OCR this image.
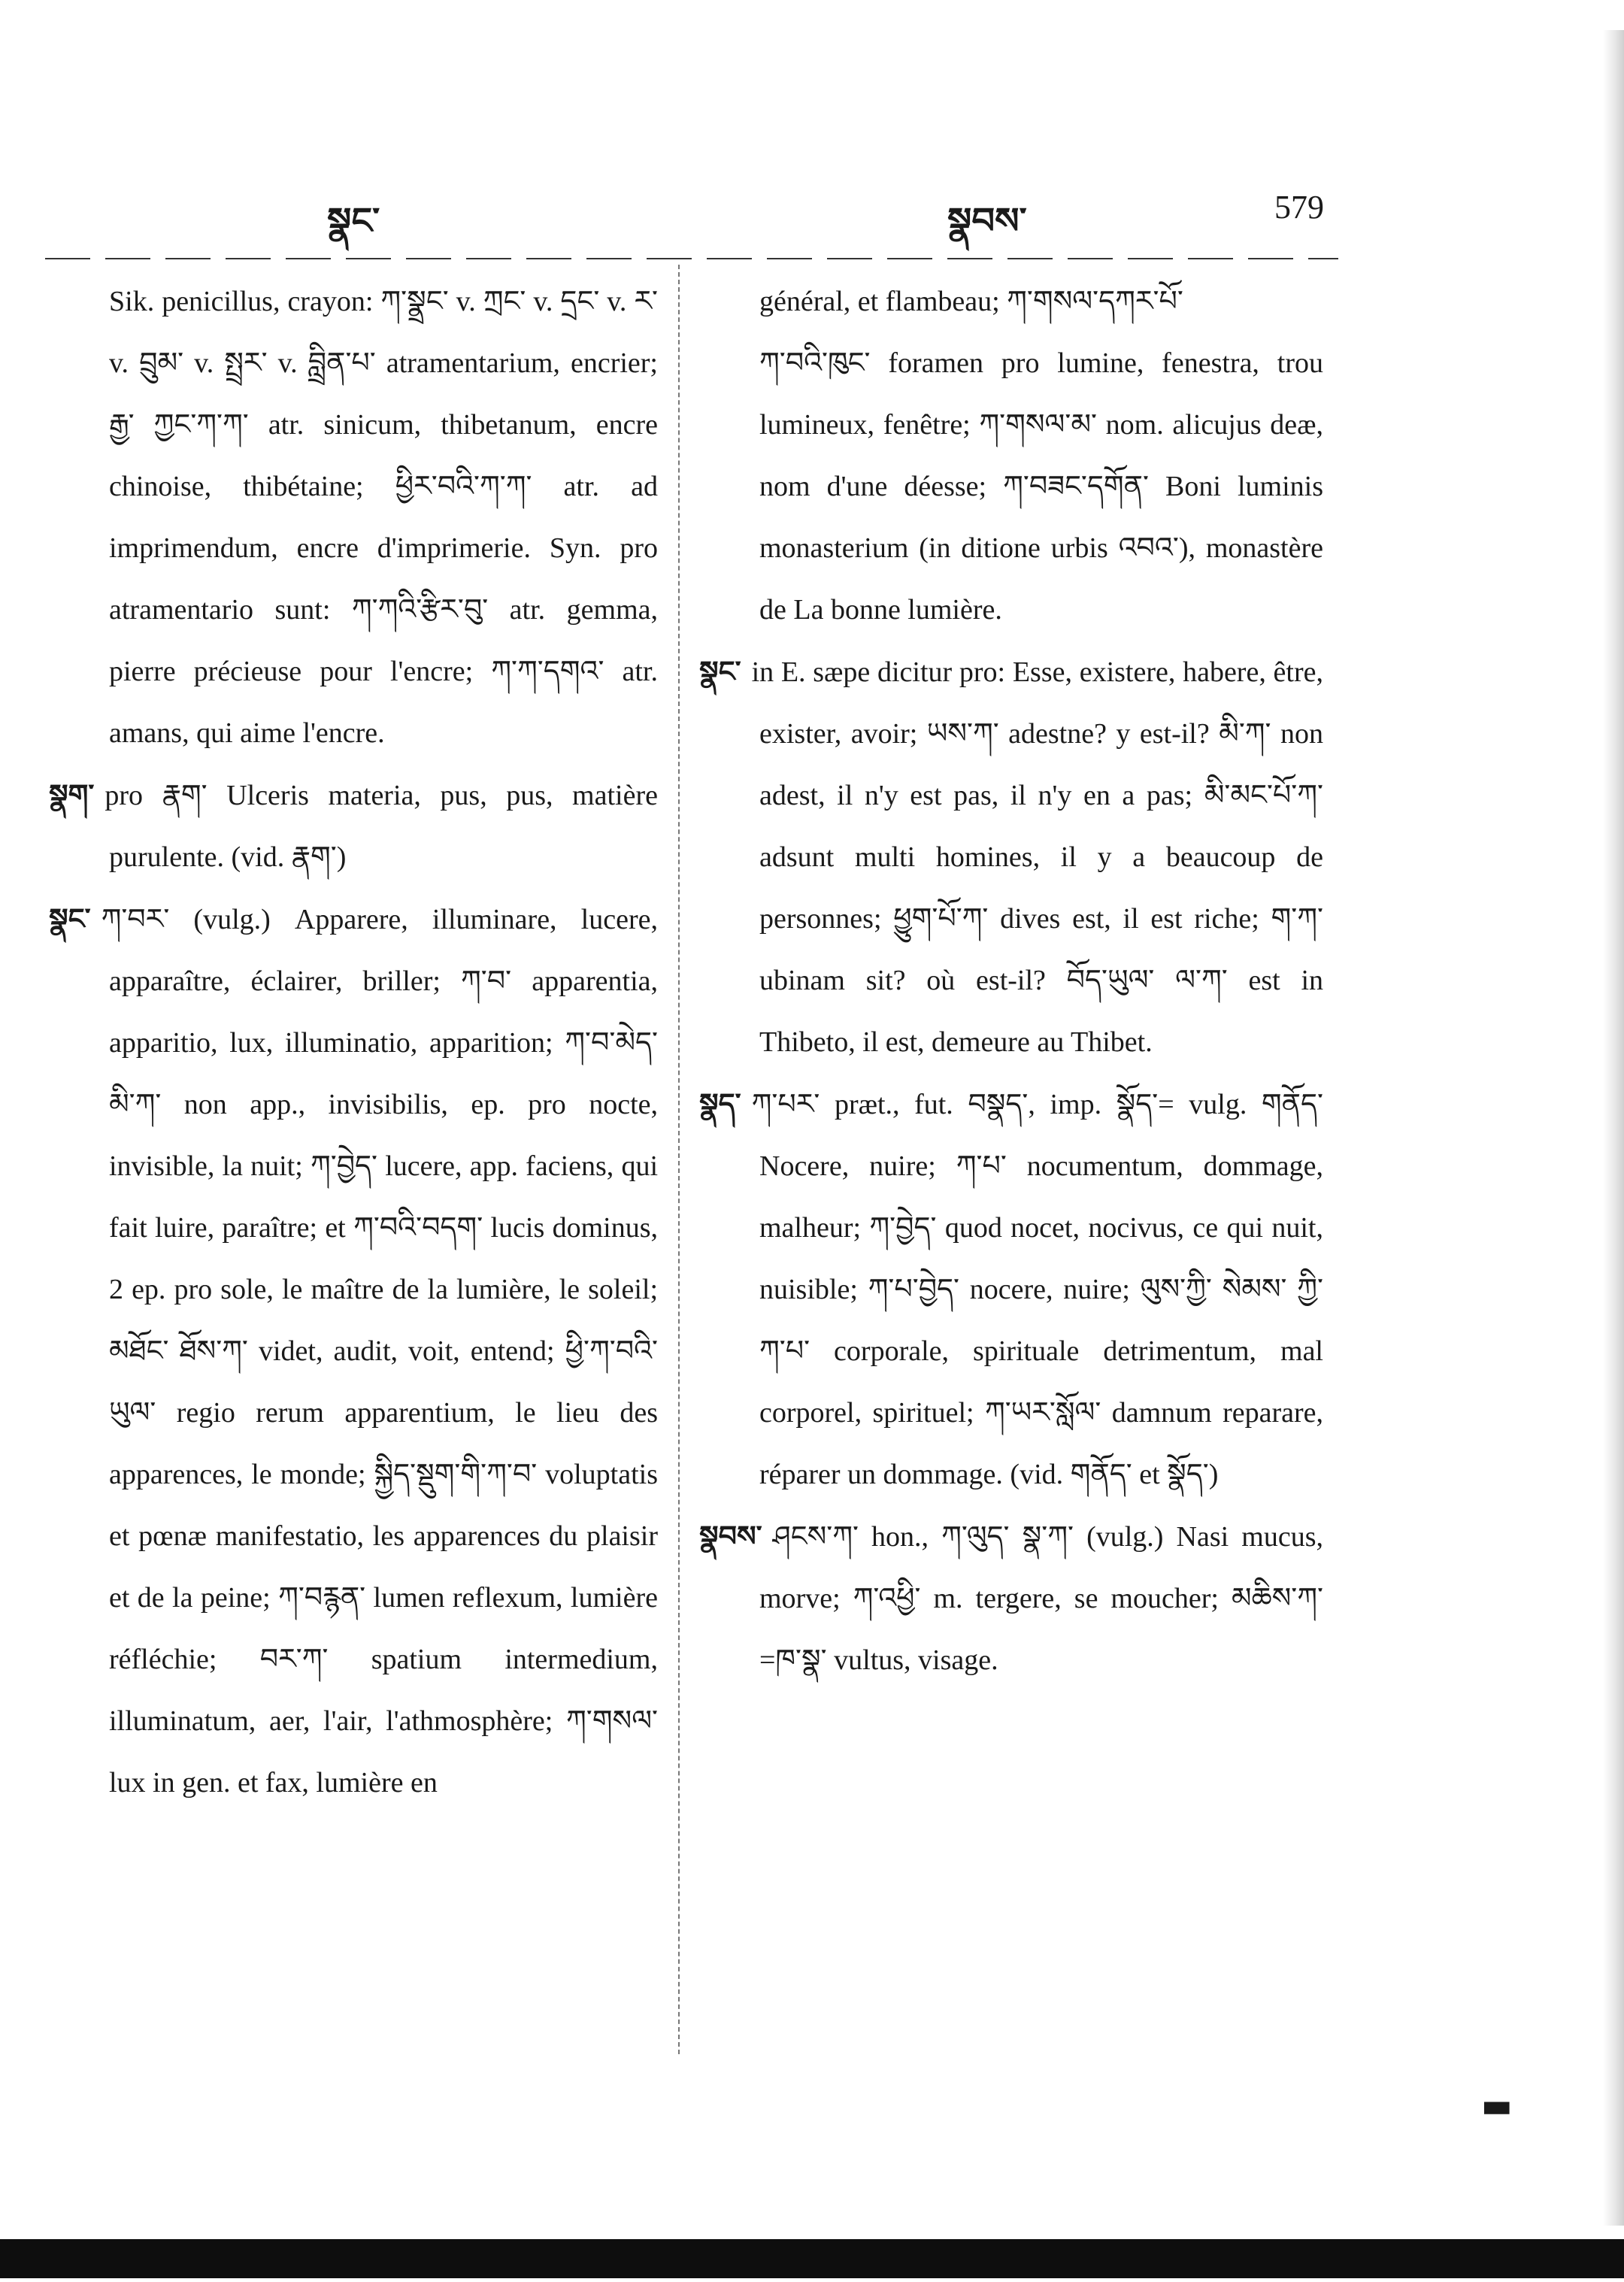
སྣང་	སྣབས་	579

Sik. penicillus, crayon: ཀ་སྣྲང་ v. ཀྲང་ v. དྲང་ v. ར་ v. བྲུམ་ v. སྤྲར་ v. བླྲིན་པ་ atramentarium, encrier; རྒྱ་ ཀྱང་ཀ་ཀ་ atr. sinicum, thibetanum, encre chinoise, thibétaine; ཕྱིར་བའི་ཀ་ཀ་ atr. ad imprimendum, encre d'imprimerie. Syn. pro atramentario sunt: ཀ་ཀའི་རྩིར་བུ་ atr. gemma, pierre précieuse pour l'encre; ཀ་ཀ་དགའ་ atr. amans, qui aime l'encre.

སྣག་ pro རྣག་ Ulceris materia, pus, pus, matière purulente. (vid. རྣག་)

སྣང་ ཀ་བར་ (vulg.) Apparere, illuminare, lucere, apparaître, éclairer, briller; ཀ་བ་ apparentia, apparitio, lux, illuminatio, apparition; ཀ་བ་མེད་ མི་ཀ་ non app., invisibilis, ep. pro nocte, invisible, la nuit; ཀ་བྱེད་ lucere, app. faciens, qui fait luire, paraître; et ཀ་བའི་བདག་ lucis dominus, 2 ep. pro sole, le maître de la lumière, le soleil; མཐོང་ ཐོས་ཀ་ videt, audit, voit, entend; ཕྱི་ཀ་བའི་ཡུལ་ regio rerum apparentium, le lieu des apparences, le monde; སྐྱིད་སྡུག་གི་ཀ་བ་ voluptatis et pœnæ manifestatio, les apparences du plaisir et de la peine; ཀ་བརྙན་ lumen reflexum, lumière réfléchie; བར་ཀ་ spatium intermedium, illuminatum, aer, l'air, l'athmosphère; ཀ་གསལ་ lux in gen. et fax, lumière en

général, et flambeau; ཀ་གསལ་དཀར་པོ་

ཀ་བའི་ཁུང་ foramen pro lumine, fenestra, trou lumineux, fenêtre; ཀ་གསལ་མ་ nom. alicujus deæ, nom d'une déesse; ཀ་བཟང་དགོན་ Boni luminis monasterium (in ditione urbis འབའ་), monastère de La bonne lumière.

སྣང་ in E. sæpe dicitur pro: Esse, existere, habere, être, exister, avoir; ཡས་ཀ་ adestne? y est-il? མི་ཀ་ non adest, il n'y est pas, il n'y en a pas; མི་མང་པོ་ཀ་ adsunt multi homines, il y a beaucoup de personnes; ཕྱུག་པོ་ཀ་ dives est, il est riche; ག་ཀ་ ubinam sit? où est-il? བོད་ཡུལ་ ལ་ཀ་ est in Thibeto, il est, demeure au Thibet.

སྣད་ ཀ་པར་ præt., fut. བསྣད་, imp. སྣོད་= vulg. གནོད་ Nocere, nuire; ཀ་པ་ nocumentum, dommage, malheur; ཀ་བྱེད་ quod nocet, nocivus, ce qui nuit, nuisible; ཀ་པ་བྱེད་ nocere, nuire; ལུས་ཀྱི་ སེམས་ ཀྱི་ཀ་པ་ corporale, spirituale detrimentum, mal corporel, spirituel; ཀ་ཡར་སློལ་ damnum reparare, réparer un dommage. (vid. གནོད་ et སྣོད་)

སྣབས་ ཤངས་ཀ་ hon., ཀ་ལུད་ སྣ་ཀ་ (vulg.) Nasi mucus, morve; ཀ་འཕྱི་ m. tergere, se moucher; མཆིས་ཀ་=ཁ་སྣ་ vultus, visage.

▬
